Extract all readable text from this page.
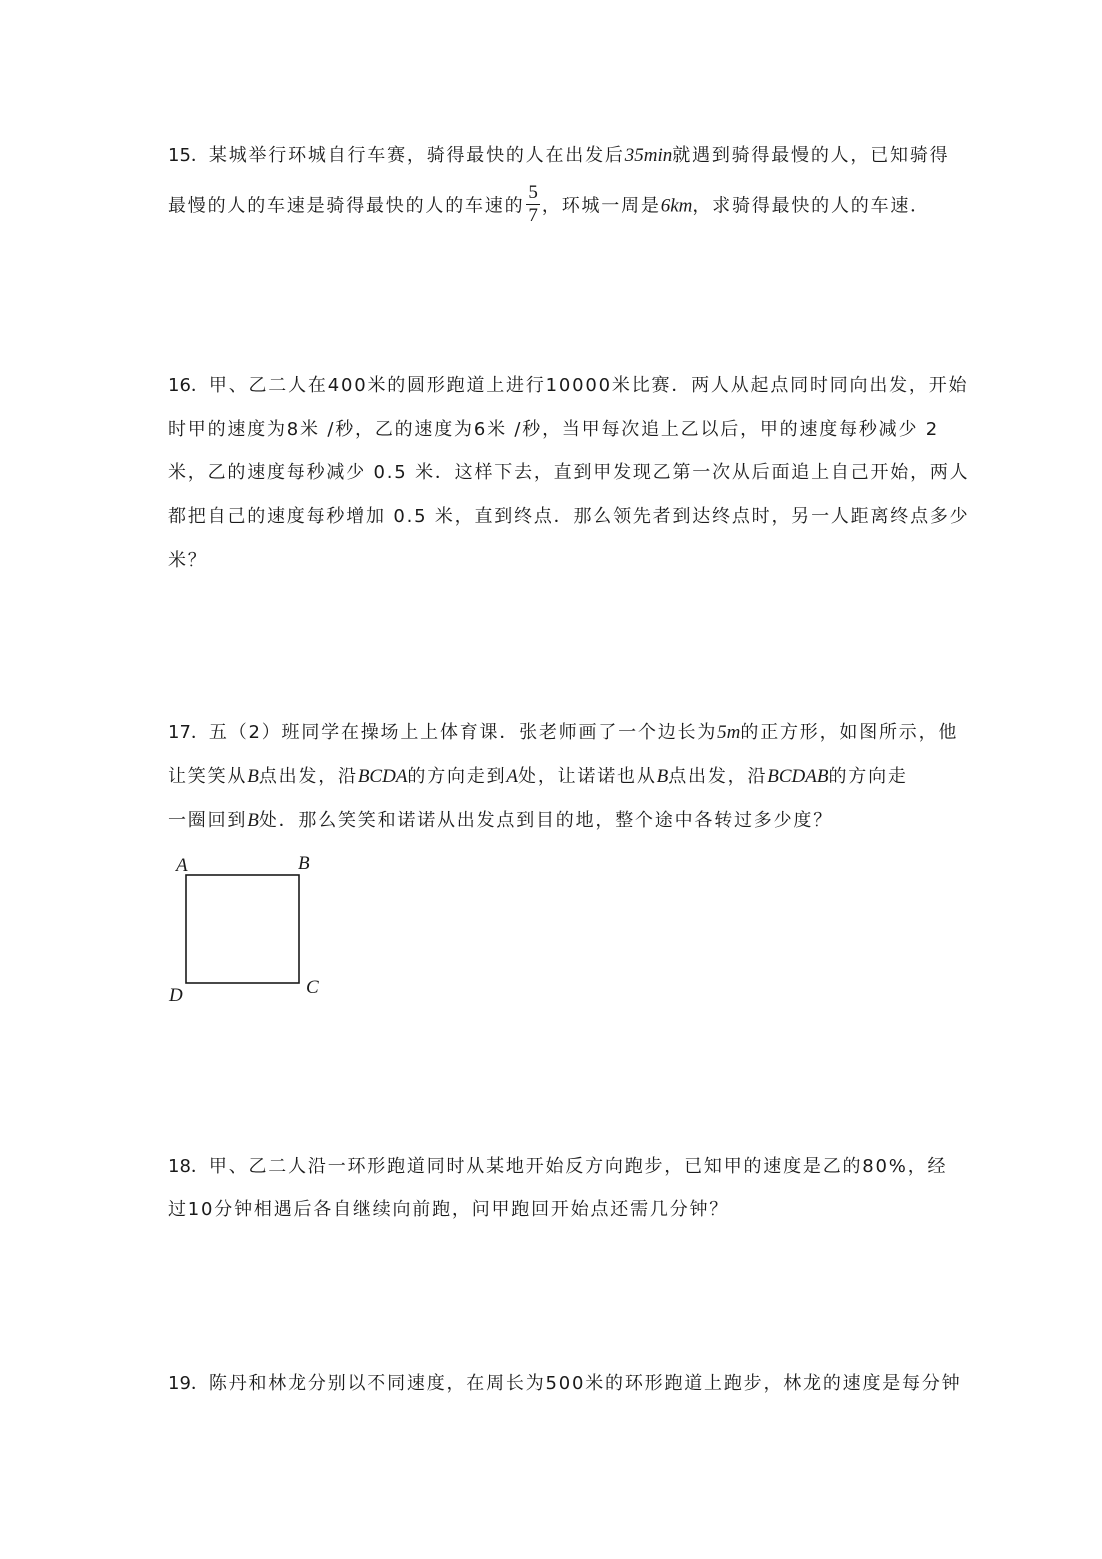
15．某城举行环城自行车赛，骑得最快的人在出发后35min就遇到骑得最慢的人，已知骑得
最慢的人的车速是骑得最快的人的车速的 $\frac{5}{7}$ ，环城一周是6km，求骑得最快的人的车速．
16．甲、乙二人在400米的圆形跑道上进行10000米比赛．两人从起点同时同向出发，开始
时甲的速度为8米 /秒，乙的速度为6米 /秒，当甲每次追上乙以后，甲的速度每秒减少 2
米，乙的速度每秒减少 0.5 米．这样下去，直到甲发现乙第一次从后面追上自己开始，两人
都把自己的速度每秒增加 0.5 米，直到终点．那么领先者到达终点时，另一人距离终点多少
米？
17．五（2）班同学在操场上上体育课．张老师画了一个边长为5m的正方形，如图所示，他
让笑笑从B点出发，沿BCDA的方向走到A处，让诺诺也从B点出发，沿BCDAB的方向走
一圈回到B处．那么笑笑和诺诺从出发点到目的地，整个途中各转过多少度？
A	B
C
D
18．甲、乙二人沿一环形跑道同时从某地开始反方向跑步，已知甲的速度是乙的80%，经
过10分钟相遇后各自继续向前跑，问甲跑回开始点还需几分钟？
19．陈丹和林龙分别以不同速度，在周长为500米的环形跑道上跑步，林龙的速度是每分钟
